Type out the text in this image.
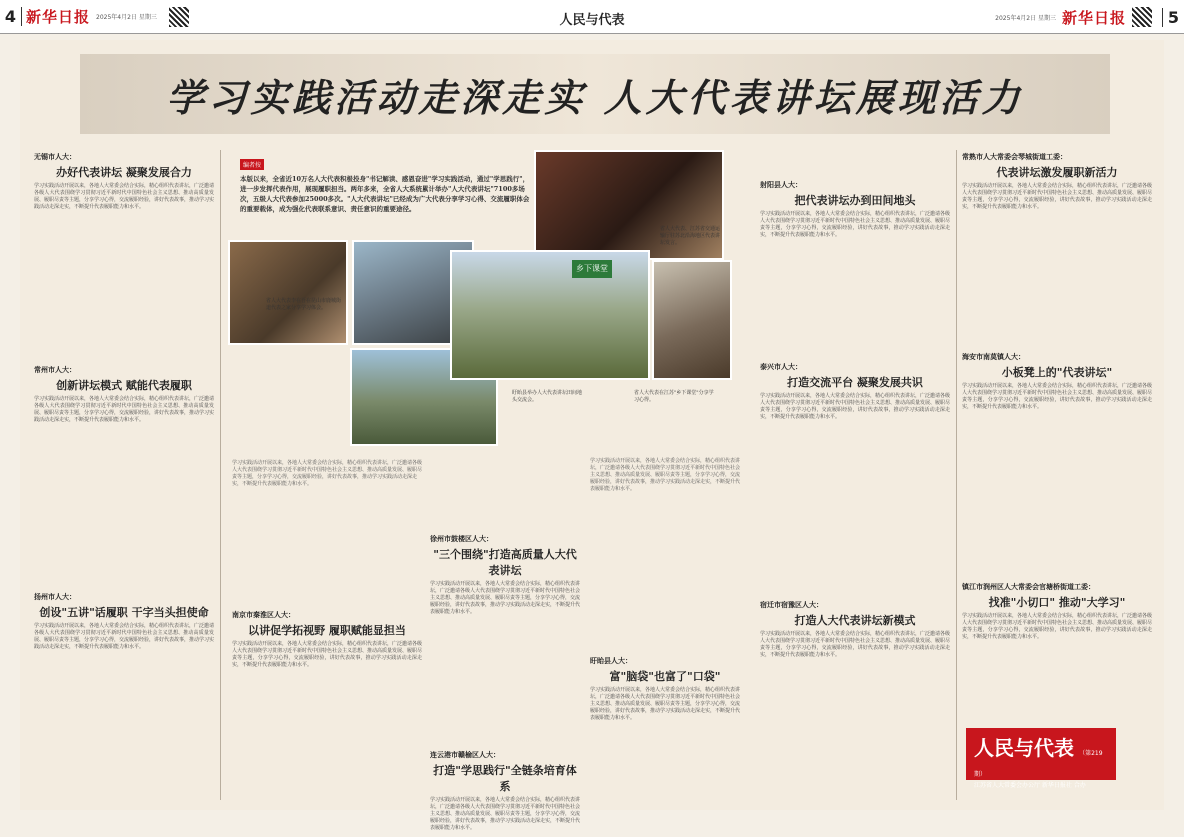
4 新华日报 2025年4月2日 星期三	人民与代表	2025年4月2日 星期三 新华日报	5
学习实践活动走深走实 人大代表讲坛展现活力
无锡市人大：
办好代表讲坛 凝聚发展合力
学习实践活动开展以来，各地人大常委会结合实际，精心组织代表讲坛，广泛邀请各级人大代表围绕学习贯彻习近平新时代中国特色社会主义思想、推动高质量发展、履职尽责等主题，分享学习心得，交流履职经验，讲好代表故事，推动学习实践活动走深走实，不断提升代表履职能力和水平。
常州市人大：
创新讲坛模式 赋能代表履职
学习实践活动开展以来，各地人大常委会结合实际，精心组织代表讲坛，广泛邀请各级人大代表围绕学习贯彻习近平新时代中国特色社会主义思想、推动高质量发展、履职尽责等主题，分享学习心得，交流履职经验，讲好代表故事，推动学习实践活动走深走实，不断提升代表履职能力和水平。
扬州市人大：
创设"五讲"话履职 干字当头担使命
学习实践活动开展以来，各地人大常委会结合实际，精心组织代表讲坛，广泛邀请各级人大代表围绕学习贯彻习近平新时代中国特色社会主义思想、推动高质量发展、履职尽责等主题，分享学习心得，交流履职经验，讲好代表故事，推动学习实践活动走深走实，不断提升代表履职能力和水平。
编者按
本版以来，全省近10万名人大代表积极投身"书记解读、感恩奋进"学习实践活动，通过"学思践行"，进一步发挥代表作用，展现履职担当。两年多来，全省人大系统累计举办"人大代表讲坛"7100多场次，五级人大代表参加25000多次。"人大代表讲坛"已经成为广大代表分享学习心得、交流履职体会的重要载体，成为强化代表联系意识、责任意识的重要途径。
乡下课堂
省人大代表李在吾在昆山市鹿城街道代表之家分享学习体会。
省人大代表、江苏省交通运输厅驻苏北沿海地区代表讲坛发言。
盱眙县举办人大代表讲坛田间地头交流会。
省人大代表在江苏"乡下课堂"分享学习心得。
学习实践活动开展以来，各地人大常委会结合实际，精心组织代表讲坛，广泛邀请各级人大代表围绕学习贯彻习近平新时代中国特色社会主义思想、推动高质量发展、履职尽责等主题，分享学习心得，交流履职经验，讲好代表故事，推动学习实践活动走深走实，不断提升代表履职能力和水平。
南京市秦淮区人大：
以讲促学拓视野 履职赋能显担当
学习实践活动开展以来，各地人大常委会结合实际，精心组织代表讲坛，广泛邀请各级人大代表围绕学习贯彻习近平新时代中国特色社会主义思想、推动高质量发展、履职尽责等主题，分享学习心得，交流履职经验，讲好代表故事，推动学习实践活动走深走实，不断提升代表履职能力和水平。
徐州市鼓楼区人大：
"三个围绕"打造高质量人大代表讲坛
学习实践活动开展以来，各地人大常委会结合实际，精心组织代表讲坛，广泛邀请各级人大代表围绕学习贯彻习近平新时代中国特色社会主义思想、推动高质量发展、履职尽责等主题，分享学习心得，交流履职经验，讲好代表故事，推动学习实践活动走深走实，不断提升代表履职能力和水平。
连云港市赣榆区人大：
打造"学思践行"全链条培育体系
学习实践活动开展以来，各地人大常委会结合实际，精心组织代表讲坛，广泛邀请各级人大代表围绕学习贯彻习近平新时代中国特色社会主义思想、推动高质量发展、履职尽责等主题，分享学习心得，交流履职经验，讲好代表故事，推动学习实践活动走深走实，不断提升代表履职能力和水平。
学习实践活动开展以来，各地人大常委会结合实际，精心组织代表讲坛，广泛邀请各级人大代表围绕学习贯彻习近平新时代中国特色社会主义思想、推动高质量发展、履职尽责等主题，分享学习心得，交流履职经验，讲好代表故事，推动学习实践活动走深走实，不断提升代表履职能力和水平。
盱眙县人大：
富"脑袋"也富了"口袋"
学习实践活动开展以来，各地人大常委会结合实际，精心组织代表讲坛，广泛邀请各级人大代表围绕学习贯彻习近平新时代中国特色社会主义思想、推动高质量发展、履职尽责等主题，分享学习心得，交流履职经验，讲好代表故事，推动学习实践活动走深走实，不断提升代表履职能力和水平。
射阳县人大：
把代表讲坛办到田间地头
学习实践活动开展以来，各地人大常委会结合实际，精心组织代表讲坛，广泛邀请各级人大代表围绕学习贯彻习近平新时代中国特色社会主义思想、推动高质量发展、履职尽责等主题，分享学习心得，交流履职经验，讲好代表故事，推动学习实践活动走深走实，不断提升代表履职能力和水平。
泰兴市人大：
打造交流平台 凝聚发展共识
学习实践活动开展以来，各地人大常委会结合实际，精心组织代表讲坛，广泛邀请各级人大代表围绕学习贯彻习近平新时代中国特色社会主义思想、推动高质量发展、履职尽责等主题，分享学习心得，交流履职经验，讲好代表故事，推动学习实践活动走深走实，不断提升代表履职能力和水平。
宿迁市宿豫区人大：
打造人大代表讲坛新模式
学习实践活动开展以来，各地人大常委会结合实际，精心组织代表讲坛，广泛邀请各级人大代表围绕学习贯彻习近平新时代中国特色社会主义思想、推动高质量发展、履职尽责等主题，分享学习心得，交流履职经验，讲好代表故事，推动学习实践活动走深走实，不断提升代表履职能力和水平。
常熟市人大常委会琴城街道工委：
代表讲坛激发履职新活力
学习实践活动开展以来，各地人大常委会结合实际，精心组织代表讲坛，广泛邀请各级人大代表围绕学习贯彻习近平新时代中国特色社会主义思想、推动高质量发展、履职尽责等主题，分享学习心得，交流履职经验，讲好代表故事，推动学习实践活动走深走实，不断提升代表履职能力和水平。
海安市南莫镇人大：
小板凳上的"代表讲坛"
学习实践活动开展以来，各地人大常委会结合实际，精心组织代表讲坛，广泛邀请各级人大代表围绕学习贯彻习近平新时代中国特色社会主义思想、推动高质量发展、履职尽责等主题，分享学习心得，交流履职经验，讲好代表故事，推动学习实践活动走深走实，不断提升代表履职能力和水平。
镇江市润州区人大常委会官塘桥街道工委：
找准"小切口" 推动"大学习"
学习实践活动开展以来，各地人大常委会结合实际，精心组织代表讲坛，广泛邀请各级人大代表围绕学习贯彻习近平新时代中国特色社会主义思想、推动高质量发展、履职尽责等主题，分享学习心得，交流履职经验，讲好代表故事，推动学习实践活动走深走实，不断提升代表履职能力和水平。
人民与代表 （第219期）
江苏省人大常委会办公厅 新华日报社 合办
